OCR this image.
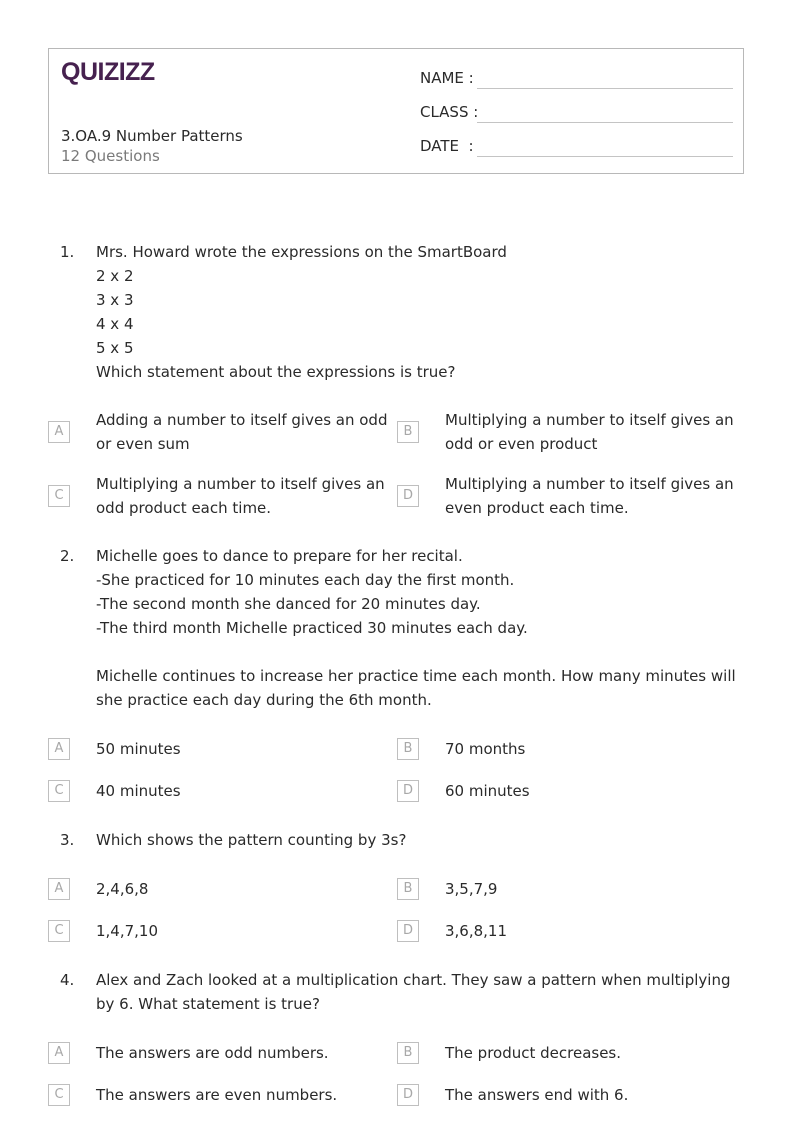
QUIZIZZ
3.OA.9 Number Patterns
12 Questions
NAME :
CLASS :
DATE  :
1. Mrs. Howard wrote the expressions on the SmartBoard
2 x 2
3 x 3
4 x 4
5 x 5
Which statement about the expressions is true?
A
Adding a number to itself gives an odd or even sum
B
Multiplying a number to itself gives an odd or even product
C
Multiplying a number to itself gives an odd product each time.
D
Multiplying a number to itself gives an even product each time.
2. Michelle goes to dance to prepare for her recital.
-She practiced for 10 minutes each day the first month.
-The second month she danced for 20 minutes day.
-The third month Michelle practiced 30 minutes each day.
Michelle continues to increase her practice time each month. How many minutes will she practice each day during the 6th month.
A	50 minutes	B	70 months
C	40 minutes	D	60 minutes
3. Which shows the pattern counting by 3s?
A	2,4,6,8	B	3,5,7,9
C	1,4,7,10	D	3,6,8,11
4. Alex and Zach looked at a multiplication chart. They saw a pattern when multiplying by 6. What statement is true?
A	The answers are odd numbers.	B	The product decreases.
C	The answers are even numbers.	D	The answers end with 6.
